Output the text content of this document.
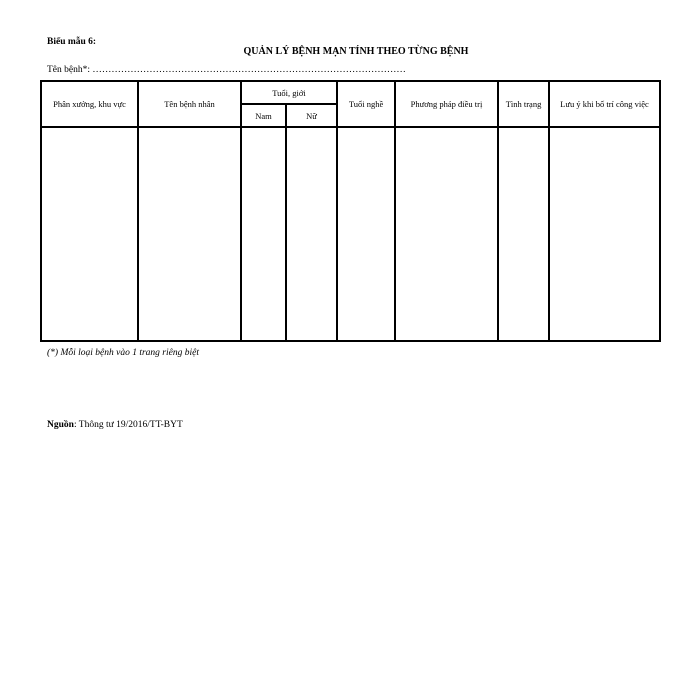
Biểu mẫu 6:
QUẢN LÝ BỆNH MẠN TÍNH THEO TỪNG BỆNH
Tên bệnh*: ………………………………………………………………………………………
Phân xưởng, khu vực	Tên bệnh nhân	Tuổi, giới		Tuổi nghề	Phương pháp điều trị	Tình trạng	Lưu ý khi bố trí công việc
		Nam	Nữ				

(*) Mỗi loại bệnh vào 1 trang riêng biệt
Nguồn: Thông tư 19/2016/TT-BYT
